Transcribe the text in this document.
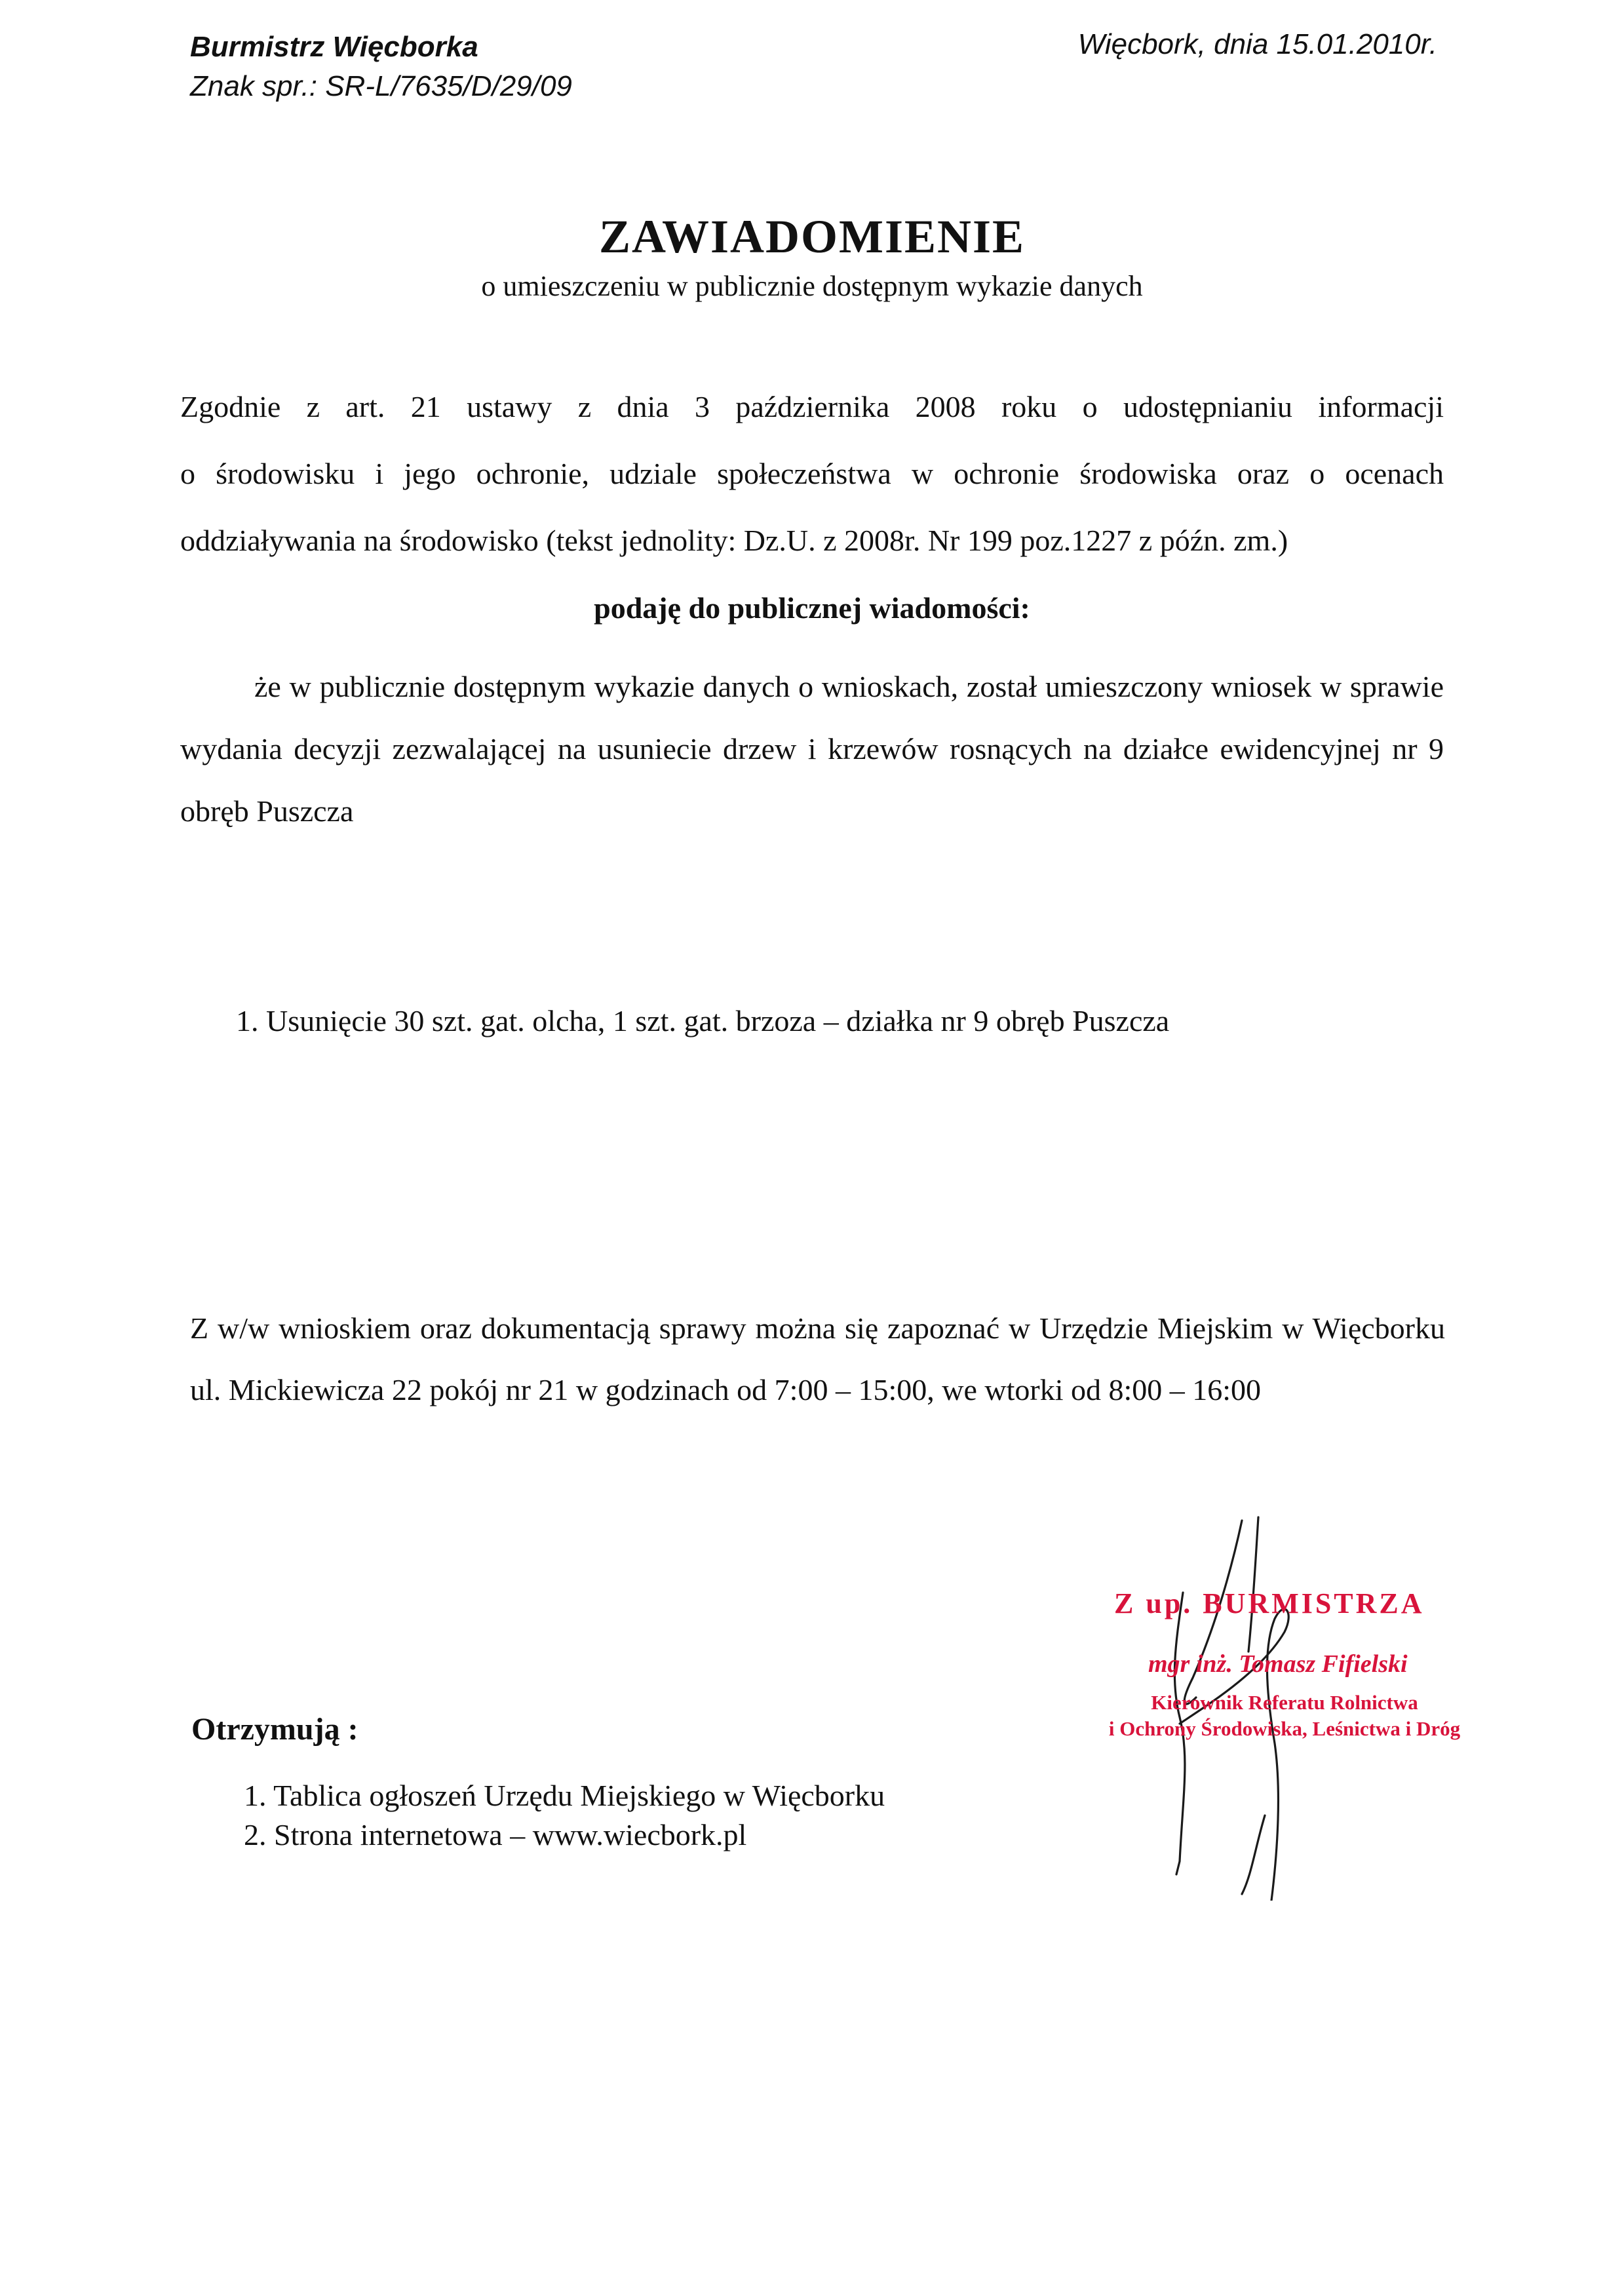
Burmistrz Więcborka
Znak spr.: SR-L/7635/D/29/09
Więcbork, dnia 15.01.2010r.
ZAWIADOMIENIE
o umieszczeniu w publicznie dostępnym wykazie danych
Zgodnie z art. 21 ustawy z dnia 3 października 2008 roku o udostępnianiu informacji
o środowisku i jego ochronie, udziale społeczeństwa w ochronie środowiska oraz o ocenach oddziaływania na środowisko (tekst jednolity: Dz.U. z 2008r. Nr 199 poz.1227 z późn. zm.)
podaję do publicznej wiadomości:
że w publicznie dostępnym wykazie danych o wnioskach, został umieszczony wniosek w sprawie wydania decyzji zezwalającej na usuniecie drzew i krzewów rosnących na działce ewidencyjnej nr 9 obręb Puszcza
1. Usunięcie 30 szt. gat. olcha, 1 szt. gat. brzoza – działka nr 9 obręb Puszcza
Z w/w wnioskiem oraz dokumentacją sprawy można się zapoznać w Urzędzie Miejskim w Więcborku ul. Mickiewicza 22 pokój nr 21 w godzinach od 7:00 – 15:00, we wtorki od 8:00 – 16:00
Z up. BURMISTRZA
mgr inż. Tomasz Fifielski
Kierownik Referatu Rolnictwa
i Ochrony Środowiska, Leśnictwa i Dróg
Otrzymują :
1. Tablica ogłoszeń Urzędu Miejskiego w Więcborku
2. Strona internetowa – www.wiecbork.pl
